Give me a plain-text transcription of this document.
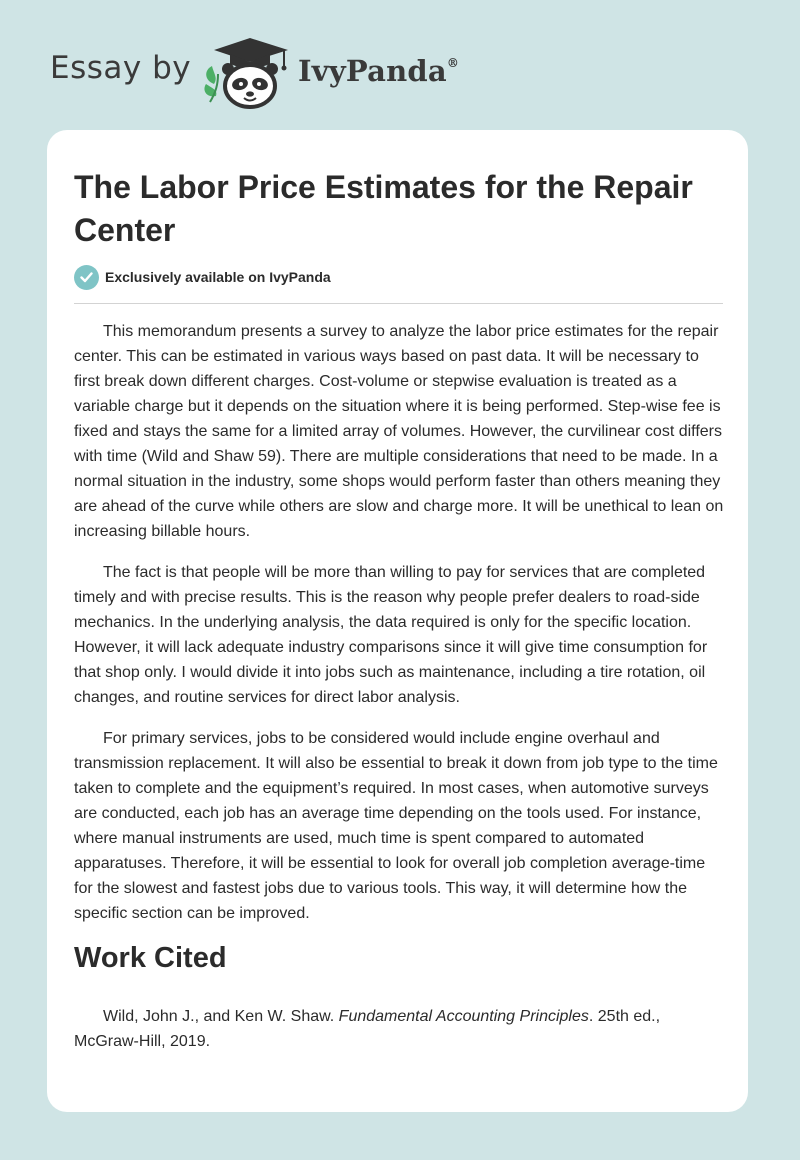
Essay by	IvyPanda®
The Labor Price Estimates for the Repair Center
Exclusively available on IvyPanda

This memorandum presents a survey to analyze the labor price estimates for the repair center. This can be estimated in various ways based on past data. It will be necessary to first break down different charges. Cost-volume or stepwise evaluation is treated as a variable charge but it depends on the situation where it is being performed. Step-wise fee is fixed and stays the same for a limited array of volumes. However, the curvilinear cost differs with time (Wild and Shaw 59). There are multiple considerations that need to be made. In a normal situation in the industry, some shops would perform faster than others meaning they are ahead of the curve while others are slow and charge more. It will be unethical to lean on increasing billable hours.

The fact is that people will be more than willing to pay for services that are completed timely and with precise results. This is the reason why people prefer dealers to road-side mechanics. In the underlying analysis, the data required is only for the specific location. However, it will lack adequate industry comparisons since it will give time consumption for that shop only. I would divide it into jobs such as maintenance, including a tire rotation, oil changes, and routine services for direct labor analysis.

For primary services, jobs to be considered would include engine overhaul and transmission replacement. It will also be essential to break it down from job type to the time taken to complete and the equipment’s required. In most cases, when automotive surveys are conducted, each job has an average time depending on the tools used. For instance, where manual instruments are used, much time is spent compared to automated apparatuses. Therefore, it will be essential to look for overall job completion average-time for the slowest and fastest jobs due to various tools. This way, it will determine how the specific section can be improved.

Work Cited

Wild, John J., and Ken W. Shaw. Fundamental Accounting Principles. 25th ed., McGraw-Hill, 2019.
